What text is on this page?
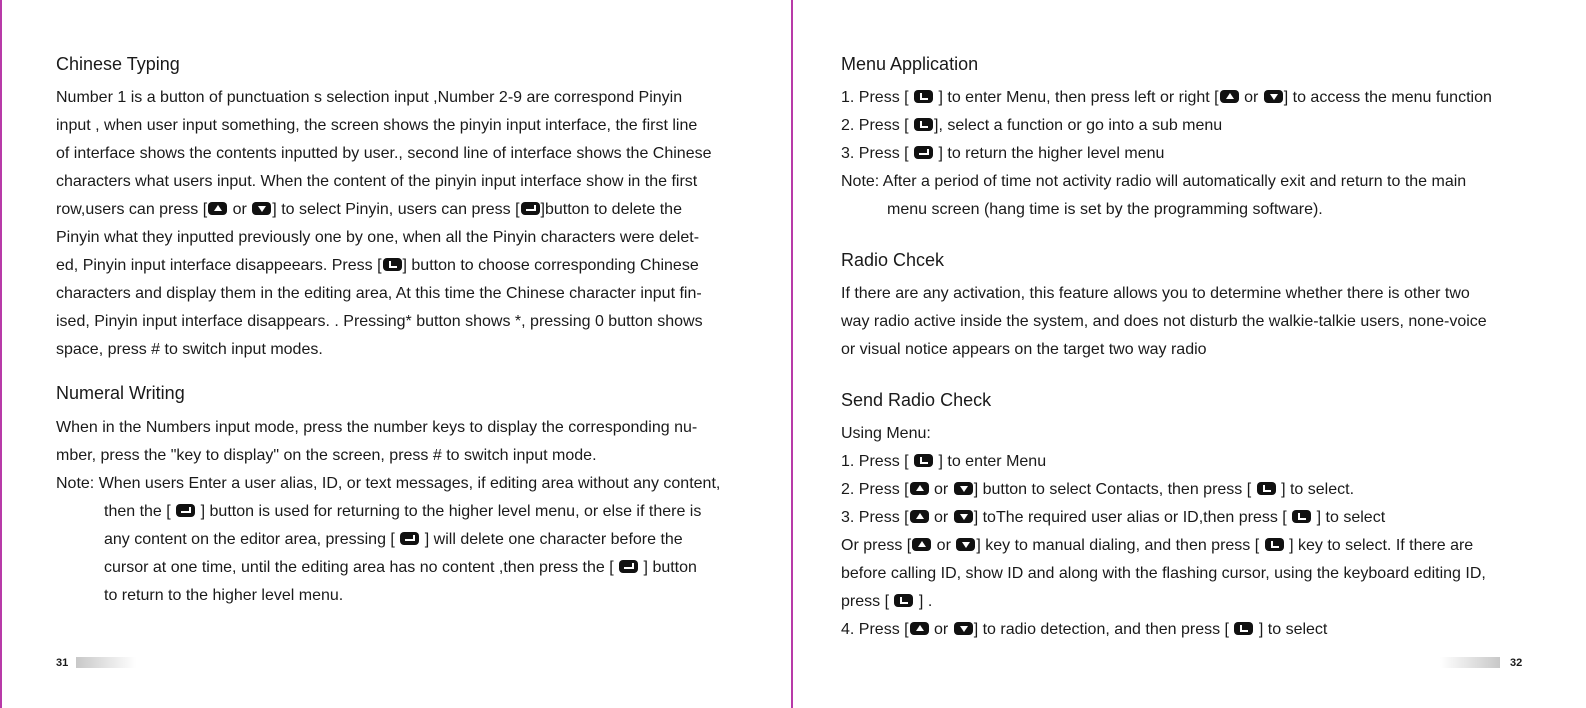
Chinese Typing
Number 1 is a button of punctuation s selection input ,Number 2-9 are correspond Pinyin
input , when user input something, the screen shows the pinyin input interface, the first line
of interface shows the contents inputted by user., second line of interface shows the Chinese
characters what users input. When the content of the pinyin input interface show in the first
row,users can press [ or ] to select Pinyin, users can press [ ]button to delete the
Pinyin what they inputted previously one by one, when all the Pinyin characters were delet-
ed, Pinyin input interface disappeears. Press [ ] button to choose corresponding Chinese
characters and display them in the editing area, At this time the Chinese character input fin-
ised, Pinyin input interface disappears. . Pressing* button shows *, pressing 0 button shows
space, press # to switch input modes.
Numeral Writing
When in the Numbers input mode, press the number keys to display the corresponding nu-
mber, press the "key to display" on the screen, press # to switch input mode.
Note: When users Enter a user alias, ID, or text messages, if editing area without any content,
then the [ ] button is used for returning to the higher level menu, or else if there is
any content on the editor area, pressing [ ] will delete one character before the
cursor at one time, until the editing area has no content ,then press the [ ] button
to return to the higher level menu.
31
Menu Application
1. Press [ ] to enter Menu, then press left or right [ or ] to access the menu function
2. Press [ ], select a function or go into a sub menu
3. Press [ ] to return the higher level menu
Note: After a period of time not activity radio will automatically exit and return to the main
menu screen (hang time is set by the programming software).
Radio Chcek
If there are any activation, this feature allows you to determine whether there is other two
way radio active inside the system, and does not disturb the walkie-talkie users, none-voice
or visual notice appears on the target two way radio
Send Radio Check
Using Menu:
1. Press [ ] to enter Menu
2. Press [ or ] button to select Contacts, then press [ ] to select.
3. Press [ or ] toThe required user alias or ID,then press [ ] to select
Or press [ or ] key to manual dialing, and then press [ ] key to select. If there are
before calling ID, show ID and along with the flashing cursor, using the keyboard editing ID,
press [ ] .
4. Press [ or ] to radio detection, and then press [ ] to select
32
